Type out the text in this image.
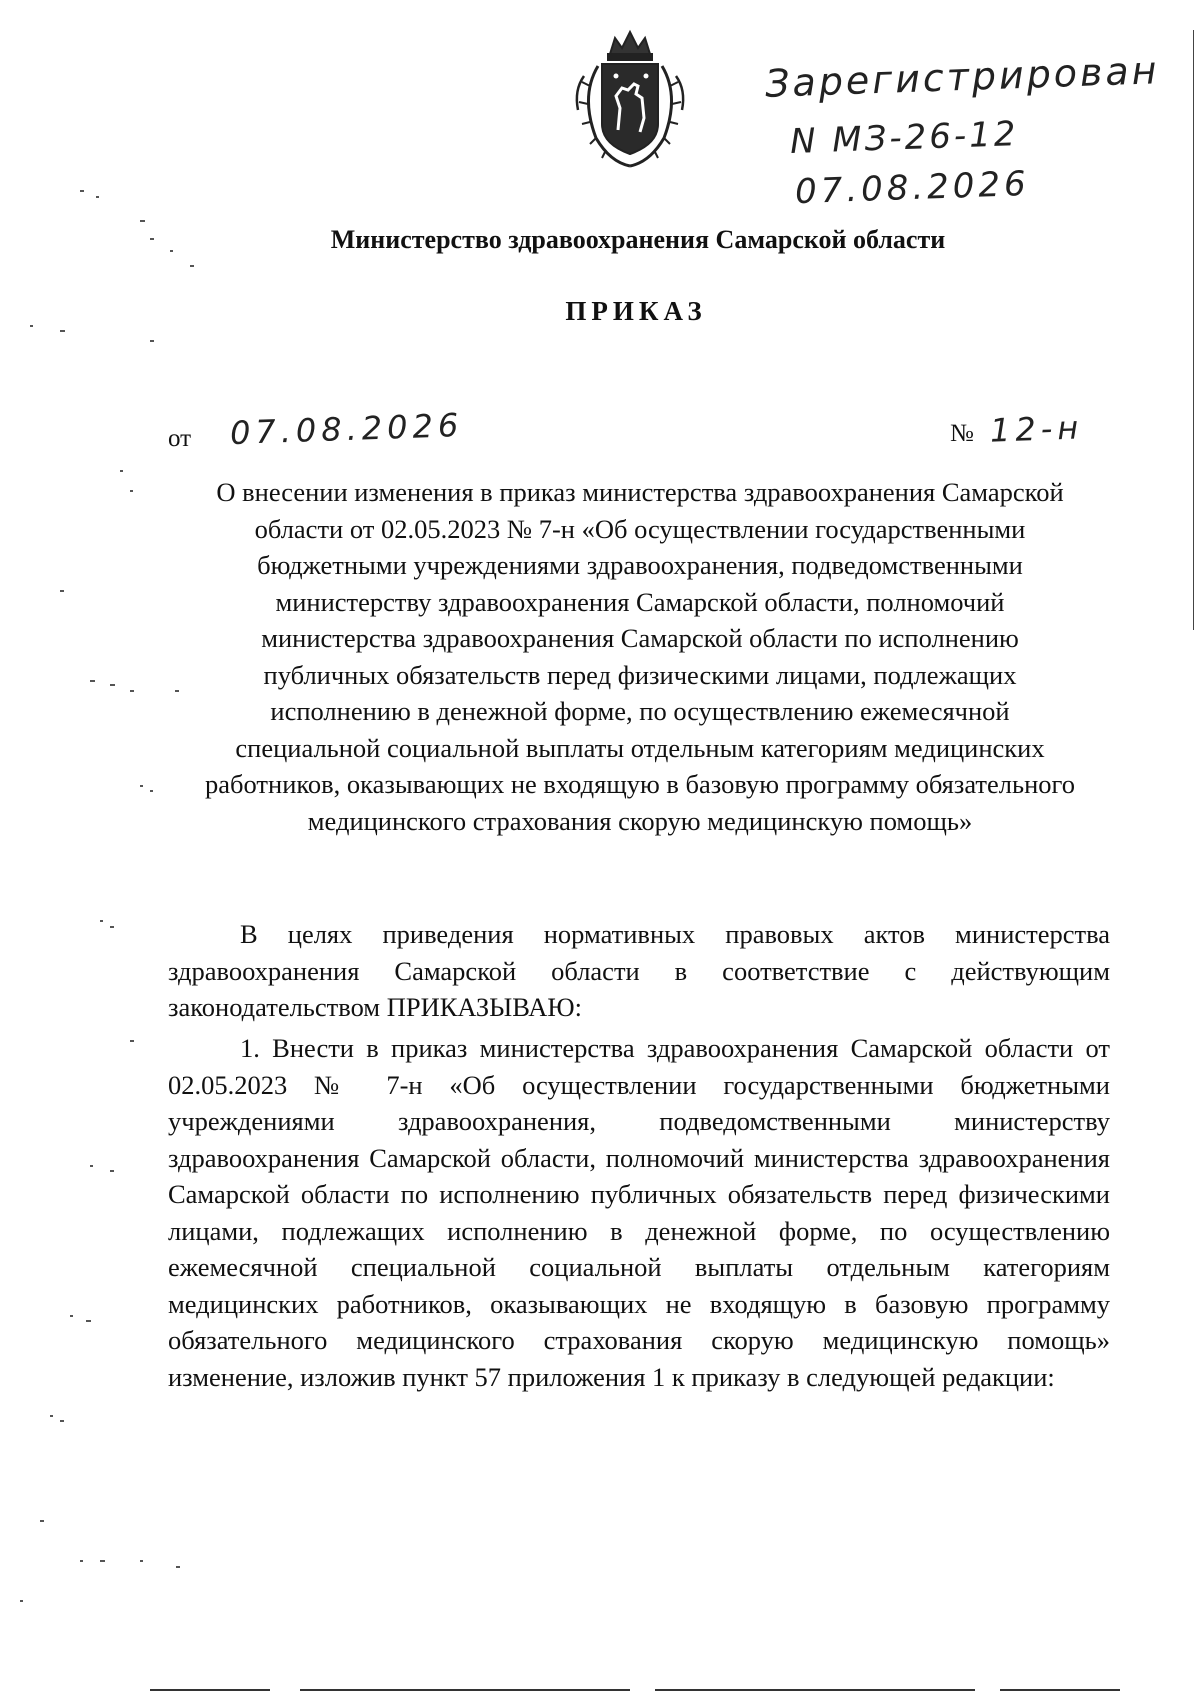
Зарегистрирован
N МЗ-26-12
07.08.2026
Министерство здравоохранения Самарской области
ПРИКАЗ
от 07.08.2026	№ 12-н
О внесении изменения в приказ министерства здравоохранения Самарской
области от 02.05.2023 № 7-н «Об осуществлении государственными
бюджетными учреждениями здравоохранения, подведомственными
министерству здравоохранения Самарской области, полномочий
министерства здравоохранения Самарской области по исполнению
публичных обязательств перед физическими лицами, подлежащих
исполнению в денежной форме, по осуществлению ежемесячной
специальной социальной выплаты отдельным категориям медицинских
работников, оказывающих не входящую в базовую программу обязательного
медицинского страхования скорую медицинскую помощь»
В целях приведения нормативных правовых актов министерства здравоохранения Самарской области в соответствие с действующим законодательством ПРИКАЗЫВАЮ:
1. Внести в приказ министерства здравоохранения Самарской области от 02.05.2023 № 7-н «Об осуществлении государственными бюджетными учреждениями здравоохранения, подведомственными министерству здравоохранения Самарской области, полномочий министерства здравоохранения Самарской области по исполнению публичных обязательств перед физическими лицами, подлежащих исполнению в денежной форме, по осуществлению ежемесячной специальной социальной выплаты отдельным категориям медицинских работников, оказывающих не входящую в базовую программу обязательного медицинского страхования скорую медицинскую помощь» изменение, изложив пункт 57 приложения 1 к приказу в следующей редакции:
